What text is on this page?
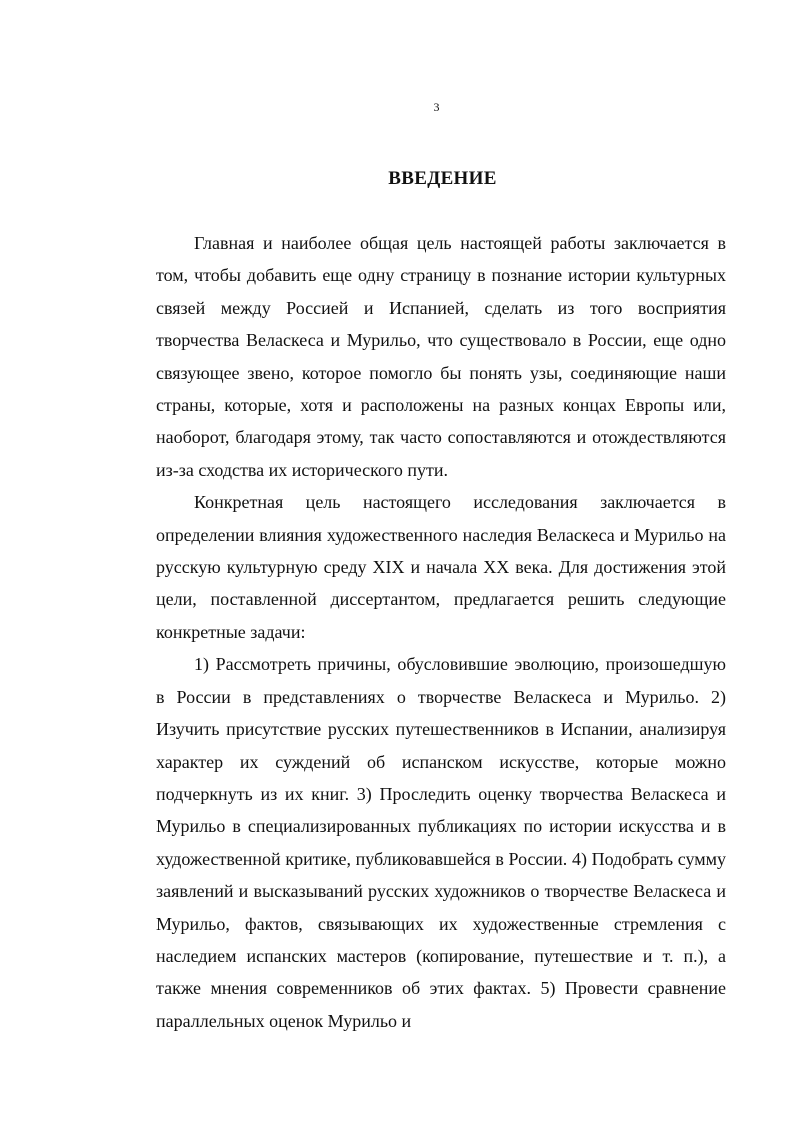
3
ВВЕДЕНИЕ

Главная и наиболее общая цель настоящей работы заключается в том, чтобы добавить еще одну страницу в познание истории культурных связей между Россией и Испанией, сделать из того восприятия творчества Веласкеса и Мурильо, что существовало в России, еще одно связующее звено, которое помогло бы понять узы, соединяющие наши страны, которые, хотя и расположены на разных концах Европы или, наоборот, благодаря этому, так часто сопоставляются и отождествляются из-за сходства их исторического пути.

Конкретная цель настоящего исследования заключается в определении влияния художественного наследия Веласкеса и Мурильо на русскую культурную среду XIX и начала XX века. Для достижения этой цели, поставленной диссертантом, предлагается решить следующие конкретные задачи:

1) Рассмотреть причины, обусловившие эволюцию, произошедшую в России в представлениях о творчестве Веласкеса и Мурильо. 2) Изучить присутствие русских путешественников в Испании, анализируя характер их суждений об испанском искусстве, которые можно подчеркнуть из их книг. 3) Проследить оценку творчества Веласкеса и Мурильо в специализированных публикациях по истории искусства и в художественной критике, публиковавшейся в России. 4) Подобрать сумму заявлений и высказываний русских художников о творчестве Веласкеса и Мурильо, фактов, связывающих их художественные стремления с наследием испанских мастеров (копирование, путешествие и т. п.), а также мнения современников об этих фактах. 5) Провести сравнение параллельных оценок Мурильо и
